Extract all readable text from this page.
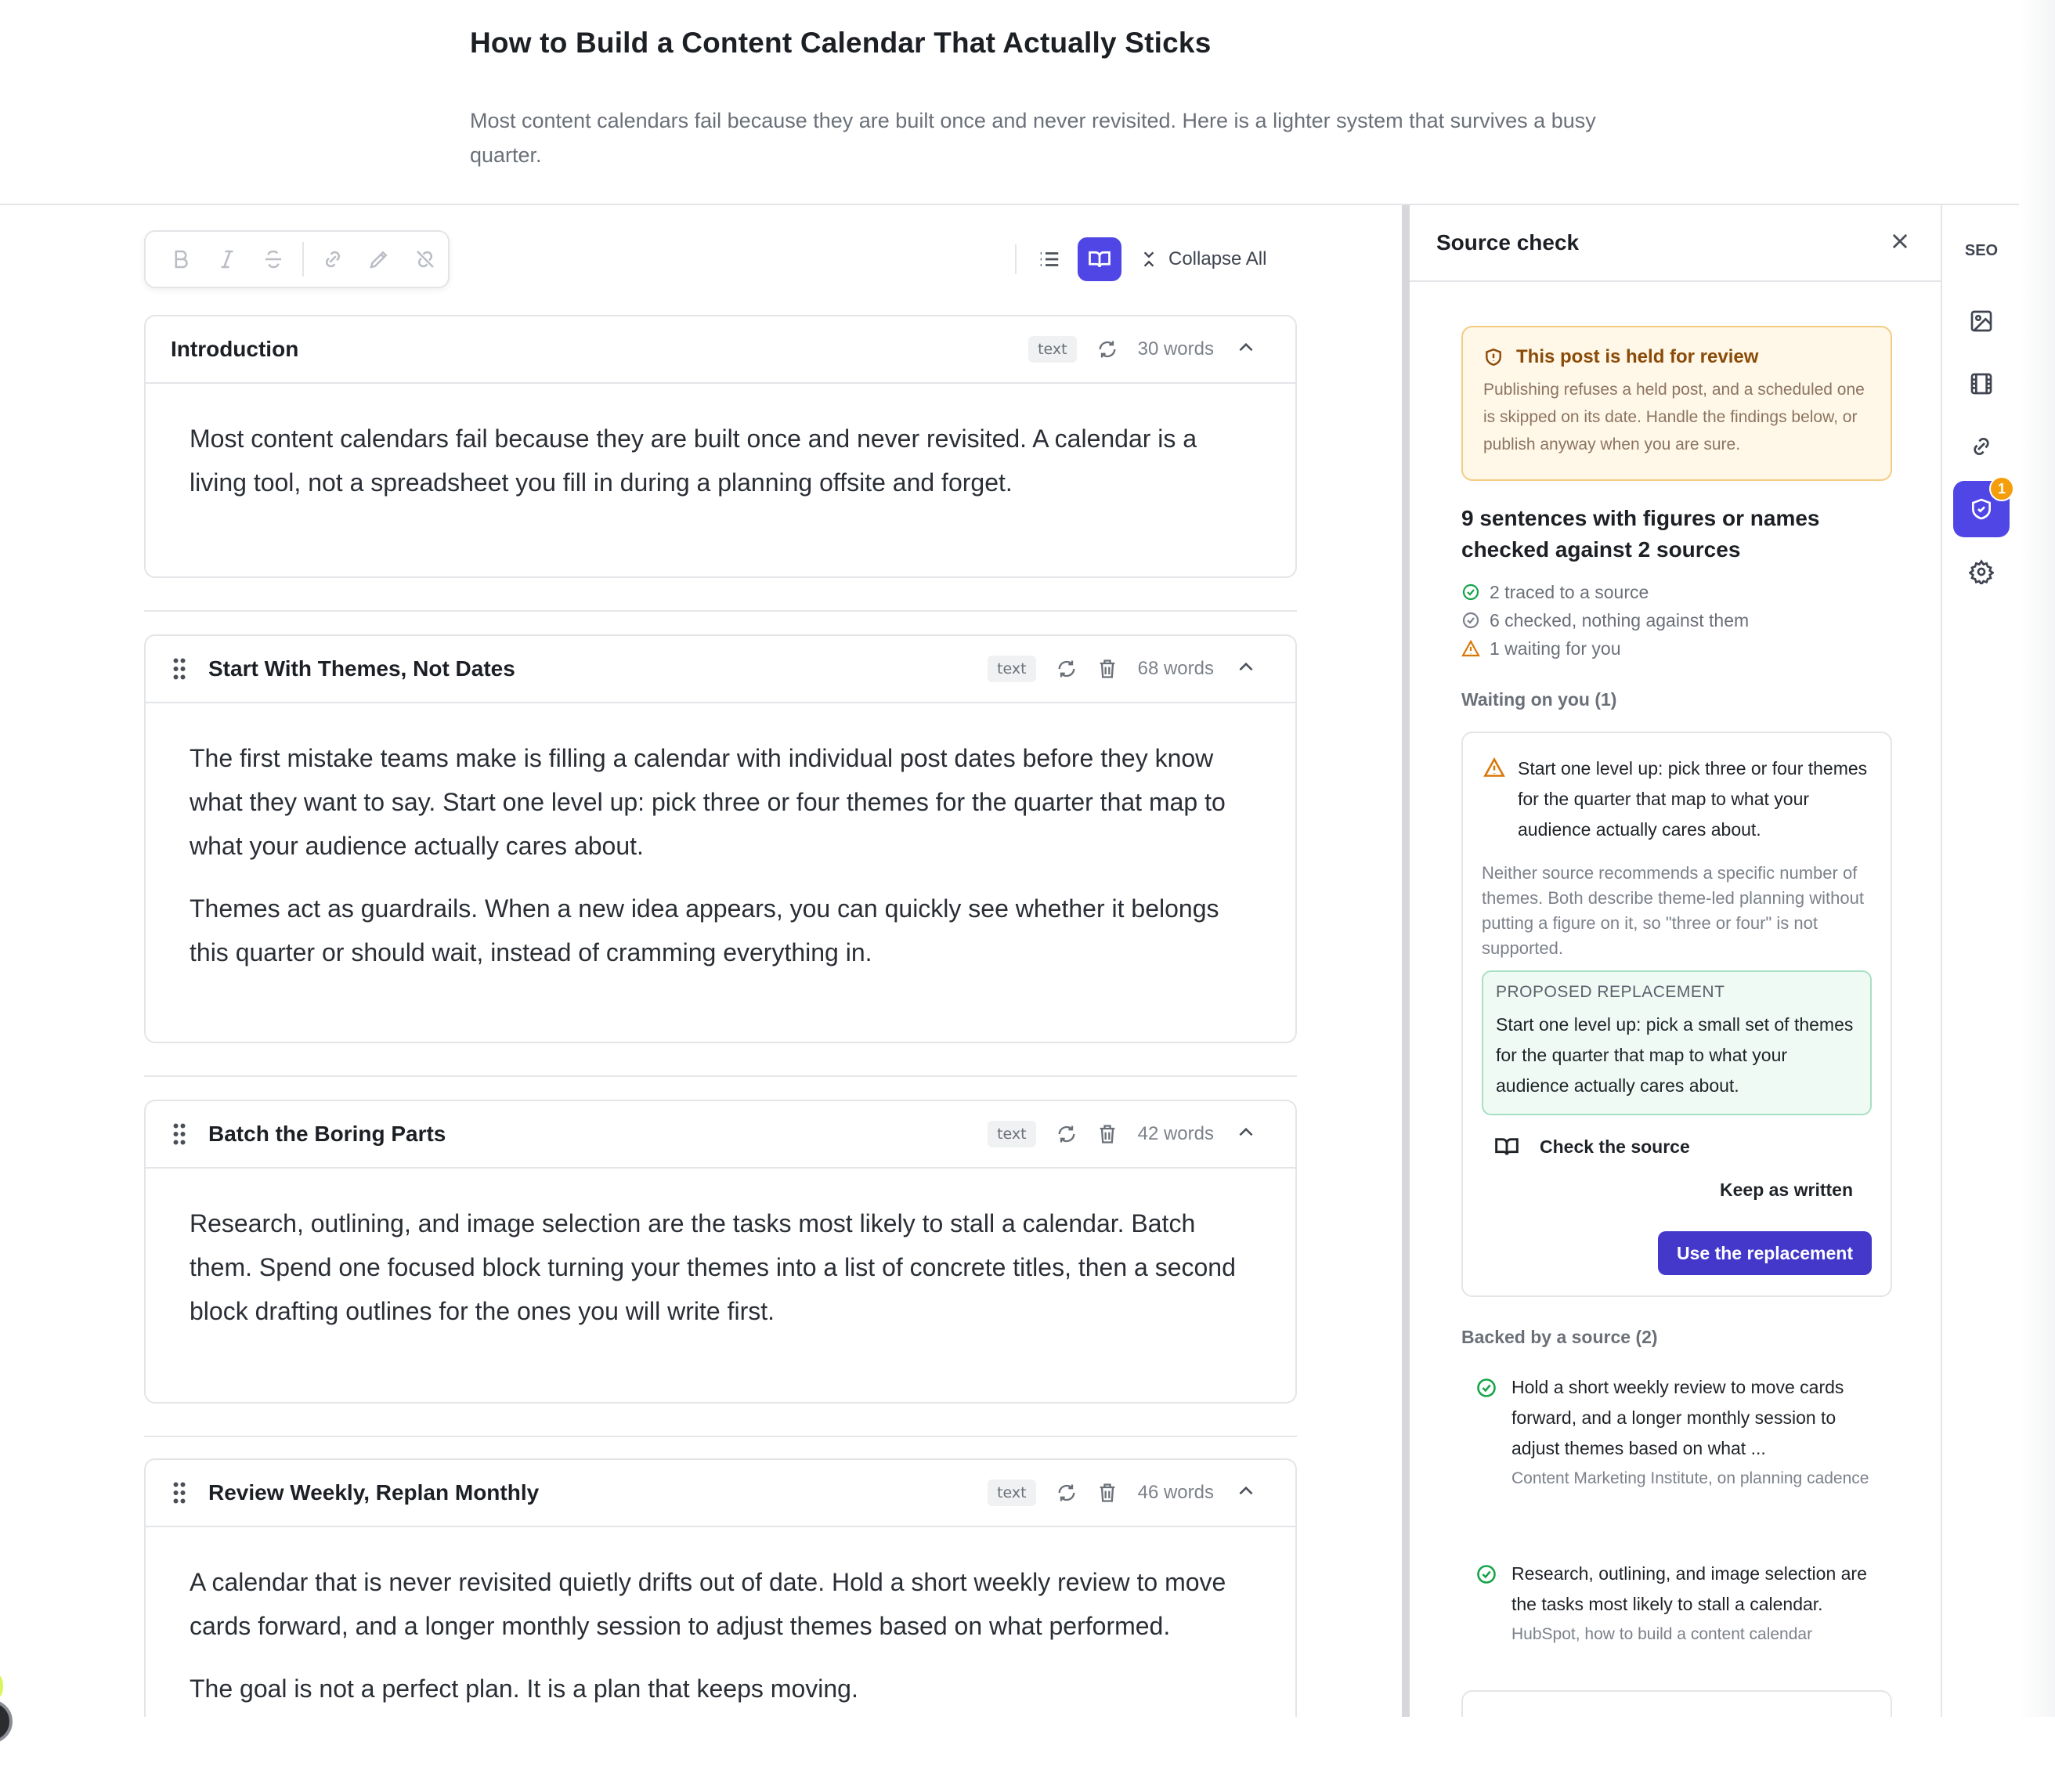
How to Build a Content Calendar That Actually Sticks
Most content calendars fail because they are built once and never revisited. Here is a lighter system that survives a busy quarter.
Collapse All
Introduction	text	30 words

Most content calendars fail because they are built once and never revisited. A calendar is a living tool, not a spreadsheet you fill in during a planning offsite and forget.

Start With Themes, Not Dates	text	68 words

The first mistake teams make is filling a calendar with individual post dates before they know what they want to say. Start one level up: pick three or four themes for the quarter that map to what your audience actually cares about.

Themes act as guardrails. When a new idea appears, you can quickly see whether it belongs this quarter or should wait, instead of cramming everything in.

Batch the Boring Parts	text	42 words

Research, outlining, and image selection are the tasks most likely to stall a calendar. Batch them. Spend one focused block turning your themes into a list of concrete titles, then a second block drafting outlines for the ones you will write first.

Review Weekly, Replan Monthly	text	46 words

A calendar that is never revisited quietly drifts out of date. Hold a short weekly review to move cards forward, and a longer monthly session to adjust themes based on what performed.

The goal is not a perfect plan. It is a plan that keeps moving.

Source check
This post is held for review
Publishing refuses a held post, and a scheduled one is skipped on its date. Handle the findings below, or publish anyway when you are sure.
9 sentences with figures or names checked against 2 sources
2 traced to a source
6 checked, nothing against them
1 waiting for you
Waiting on you (1)
Start one level up: pick three or four themes for the quarter that map to what your audience actually cares about.
Neither source recommends a specific number of themes. Both describe theme-led planning without putting a figure on it, so "three or four" is not supported.
PROPOSED REPLACEMENT
Start one level up: pick a small set of themes for the quarter that map to what your audience actually cares about.
Check the source
Keep as written
Use the replacement
Backed by a source (2)
Hold a short weekly review to move cards forward, and a longer monthly session to adjust themes based on what ...
Content Marketing Institute, on planning cadence
Research, outlining, and image selection are the tasks most likely to stall a calendar.
HubSpot, how to build a content calendar
SEO
1
